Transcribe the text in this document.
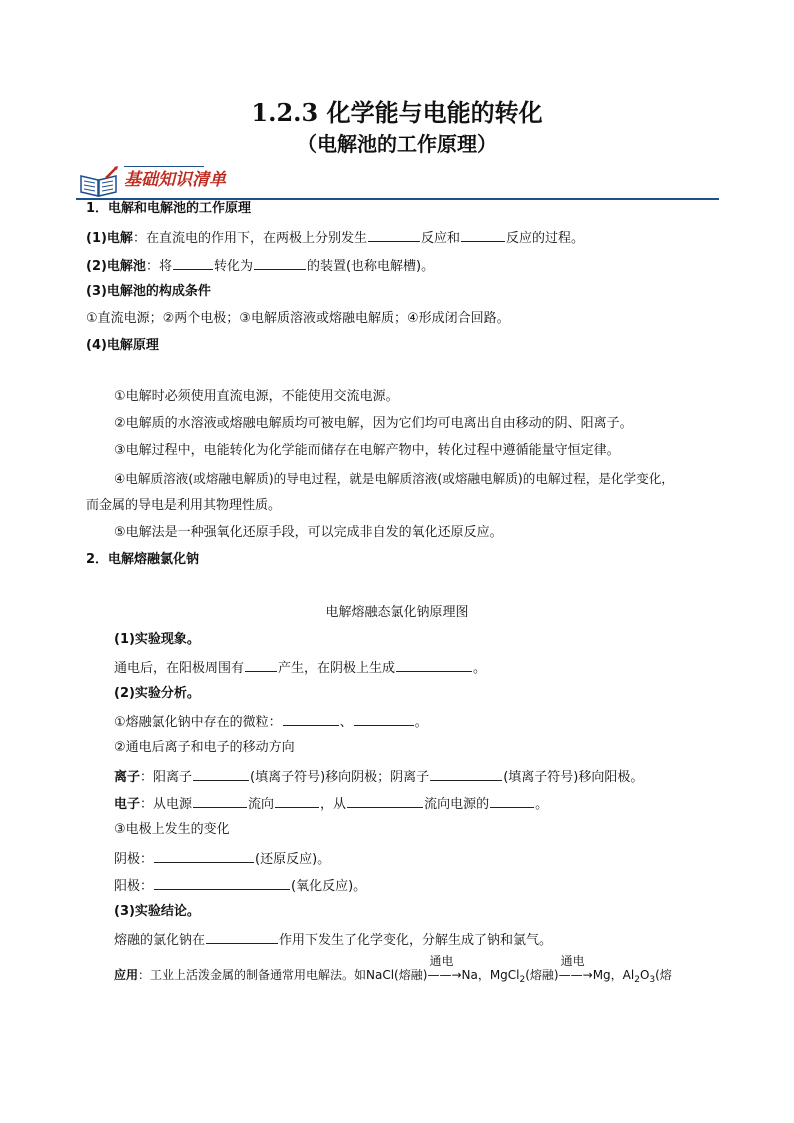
1.2.3 化学能与电能的转化
（电解池的工作原理）
基础知识清单
1．电解和电解池的工作原理
(1)电解：在直流电的作用下，在两极上分别发生	反应和	反应的过程。
(2)电解池：将	转化为	的装置(也称电解槽)。
(3)电解池的构成条件
①直流电源；②两个电极；③电解质溶液或熔融电解质；④形成闭合回路。
(4)电解原理
①电解时必须使用直流电源，不能使用交流电源。
②电解质的水溶液或熔融电解质均可被电解，因为它们均可电离出自由移动的阴、阳离子。
③电解过程中，电能转化为化学能而储存在电解产物中，转化过程中遵循能量守恒定律。
④电解质溶液(或熔融电解质)的导电过程，就是电解质溶液(或熔融电解质)的电解过程，是化学变化，
而金属的导电是利用其物理性质。
⑤电解法是一种强氧化还原手段，可以完成非自发的氧化还原反应。
2．电解熔融氯化钠
电解熔融态氯化钠原理图
(1)实验现象。
通电后，在阳极周围有	产生，在阴极上生成	。
(2)实验分析。
①熔融氯化钠中存在的微粒：	、	。
②通电后离子和电子的移动方向
离子：阳离子	(填离子符号)移向阴极；阴离子	(填离子符号)移向阳极。
电子：从电源	流向	，从	流向电源的	。
③电极上发生的变化
阴极：	(还原反应)。
阳极：	(氧化反应)。
(3)实验结论。
熔融的氯化钠在	作用下发生了化学变化，分解生成了钠和氯气。
应用：工业上活泼金属的制备通常用电解法。如NaCl(熔融)
通电
——→Na，MgCl$_2$(熔融)
通电
——→Mg，$Al_2O_3$(熔
